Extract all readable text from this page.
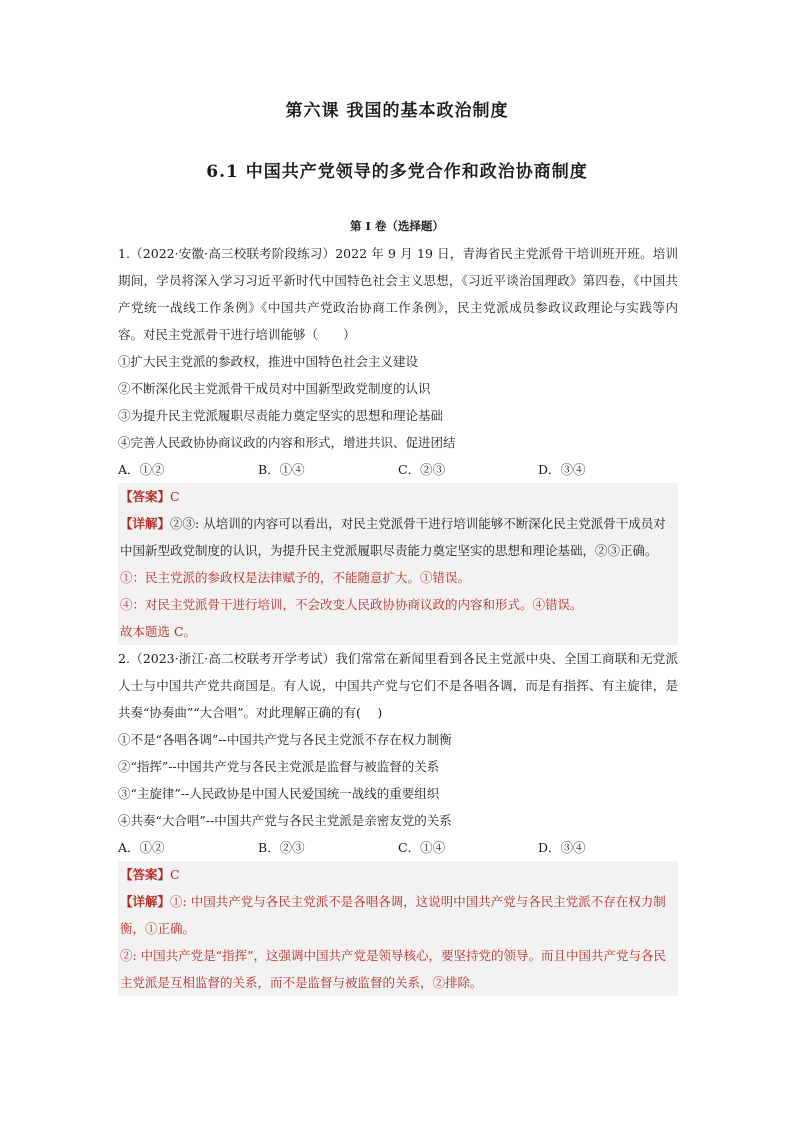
第六课 我国的基本政治制度
6.1 中国共产党领导的多党合作和政治协商制度
第 I 卷（选择题）

1.（2022·安徽·高三校联考阶段练习）2022 年 9 月 19 日，青海省民主党派骨干培训班开班。培训期间，学员将深入学习习近平新时代中国特色社会主义思想，《习近平谈治国理政》第四卷，《中国共产党统一战线工作条例》《中国共产党政治协商工作条例》，民主党派成员参政议政理论与实践等内容。对民主党派骨干进行培训能够（　　）

①扩大民主党派的参政权，推进中国特色社会主义建设

②不断深化民主党派骨干成员对中国新型政党制度的认识

③为提升民主党派履职尽责能力奠定坚实的思想和理论基础

④完善人民政协协商议政的内容和形式，增进共识、促进团结

A．①②	B．①④	C．②③	D．③④

【答案】C

【详解】②③: 从培训的内容可以看出，对民主党派骨干进行培训能够不断深化民主党派骨干成员对中国新型政党制度的认识，为提升民主党派履职尽责能力奠定坚实的思想和理论基础，②③正确。

①：民主党派的参政权是法律赋予的，不能随意扩大。①错误。

④：对民主党派骨干进行培训，不会改变人民政协协商议政的内容和形式。④错误。

故本题选 C。

2.（2023·浙江·高二校联考开学考试）我们常常在新闻里看到各民主党派中央、全国工商联和无党派人士与中国共产党共商国是。有人说，中国共产党与它们不是各唱各调，而是有指挥、有主旋律，是共奏“协奏曲”“大合唱”。对此理解正确的有(　 )

①不是“各唱各调”--中国共产党与各民主党派不存在权力制衡

②“指挥”--中国共产党与各民主党派是监督与被监督的关系

③“主旋律”--人民政协是中国人民爱国统一战线的重要组织

④共奏“大合唱”--中国共产党与各民主党派是亲密友党的关系

A．①②	B．②③	C．①④	D．③④

【答案】C

【详解】①: 中国共产党与各民主党派不是各唱各调，这说明中国共产党与各民主党派不存在权力制衡，①正确。

②: 中国共产党是“指挥”，这强调中国共产党是领导核心，要坚持党的领导。而且中国共产党与各民主党派是互相监督的关系，而不是监督与被监督的关系，②排除。
